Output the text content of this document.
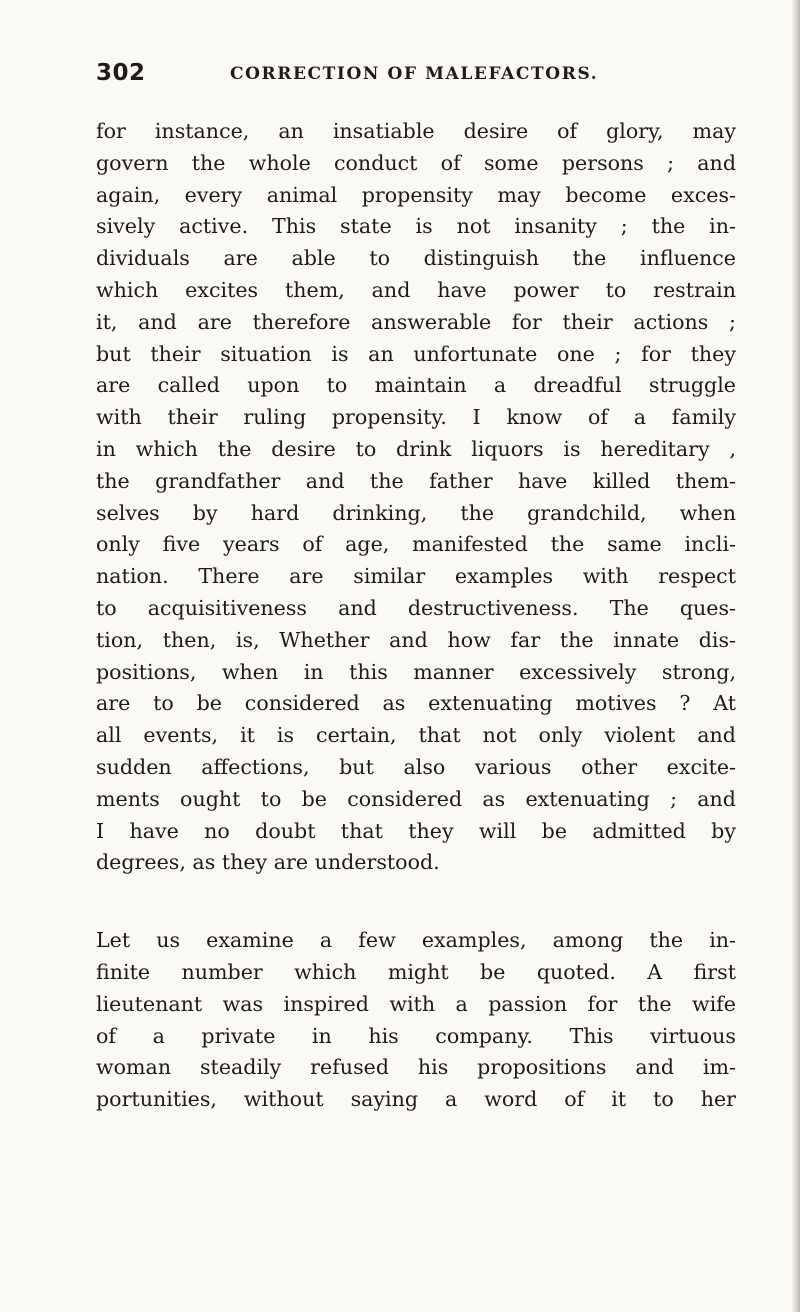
302	CORRECTION OF MALEFACTORS.
for instance, an insatiable desire of glory, may
govern the whole conduct of some persons ; and
again, every animal propensity may become exces-
sively active. This state is not insanity ; the in-
dividuals are able to distinguish the influence
which excites them, and have power to restrain
it, and are therefore answerable for their actions ;
but their situation is an unfortunate one ; for they
are called upon to maintain a dreadful struggle
with their ruling propensity. I know of a family
in which the desire to drink liquors is hereditary ,
the grandfather and the father have killed them-
selves by hard drinking, the grandchild, when
only five years of age, manifested the same incli-
nation. There are similar examples with respect
to acquisitiveness and destructiveness. The ques-
tion, then, is, Whether and how far the innate dis-
positions, when in this manner excessively strong,
are to be considered as extenuating motives ? At
all events, it is certain, that not only violent and
sudden affections, but also various other excite-
ments ought to be considered as extenuating ; and
I have no doubt that they will be admitted by
degrees, as they are understood.
Let us examine a few examples, among the in-
finite number which might be quoted. A first
lieutenant was inspired with a passion for the wife
of a private in his company. This virtuous
woman steadily refused his propositions and im-
portunities, without saying a word of it to her
